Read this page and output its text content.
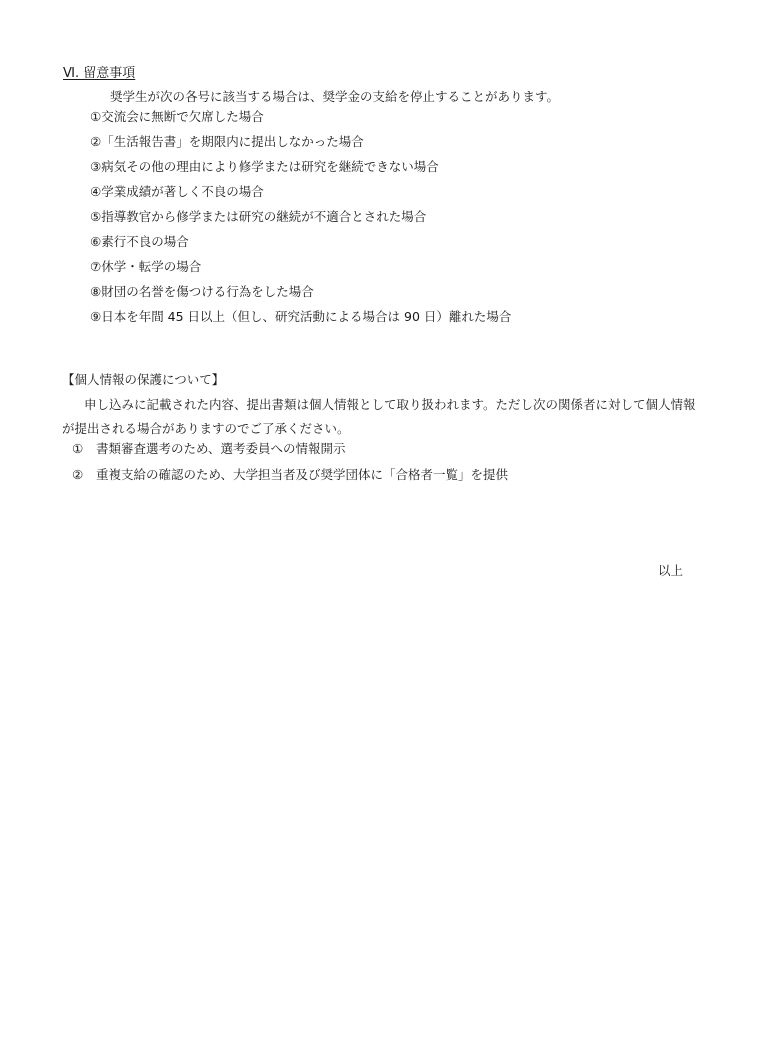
Ⅵ. 留意事項
奨学生が次の各号に該当する場合は、奨学金の支給を停止することがあります。
①交流会に無断で欠席した場合
②「生活報告書」を期限内に提出しなかった場合
③病気その他の理由により修学または研究を継続できない場合
④学業成績が著しく不良の場合
⑤指導教官から修学または研究の継続が不適合とされた場合
⑥素行不良の場合
⑦休学・転学の場合
⑧財団の名誉を傷つける行為をした場合
⑨日本を年間 45 日以上（但し、研究活動による場合は 90 日）離れた場合
【個人情報の保護について】

申し込みに記載された内容、提出書類は個人情報として取り扱われます。ただし次の関係者に対して個人情報が提出される場合がありますのでご了承ください。

① 書類審査選考のため、選考委員への情報開示
② 重複支給の確認のため、大学担当者及び奨学団体に「合格者一覧」を提供
以上
